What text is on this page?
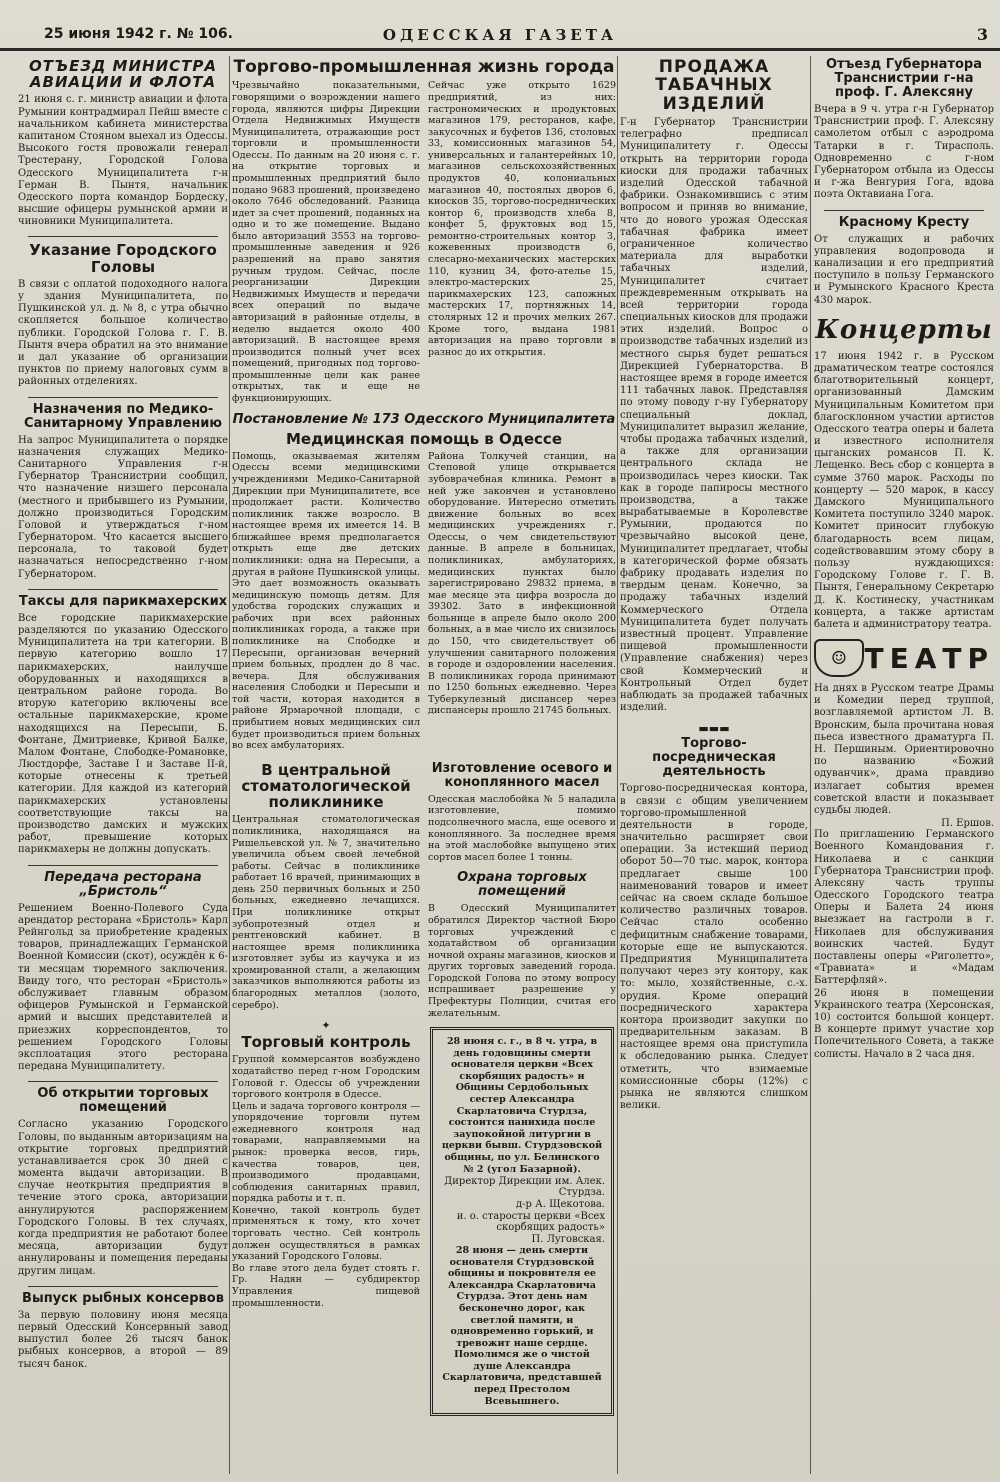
25 июня 1942 г. № 106.	ОДЕССКАЯ ГАЗЕТА	3
ОТЪЕЗД МИНИСТРА АВИАЦИИ И ФЛОТА

21 июня с. г. министр авиации и флота Румынии контрадмирал Пейш вместе с начальником кабинета министерства капитаном Стояном выехал из Одессы. Высокого гостя провожали генерал Трестерану, Городской Голова Одесского Муниципалитета г-н Герман В. Пынтя, начальник Одесского порта командор Бордеску, высшие офицеры румынской армии и чиновники Муниципалитета.

Указание Городского Головы

В связи с оплатой подоходного налога у здания Муниципалитета, по Пушкинской ул. д. № 8, с утра обычно скопляется большое количество публики. Городской Голова г. Г. В. Пынтя вчера обратил на это внимание и дал указание об организации пунктов по приему налоговых сумм в районных отделениях.

Назначения по Медико-Санитарному Управлению

На запрос Муниципалитета о порядке назначения служащих Медико-Санитарного Управления г-н Губернатор Транснистрии сообщил, что назначение низшего персонала (местного и прибывшего из Румынии, должно производиться Городским Головой и утверждаться г-ном Губернатором. Что касается высшего персонала, то таковой будет назначаться непосредственно г-ном Губернатором.

Таксы для парикмахерских

Все городские парикмахерские разделяются по указанию Одесского Муниципалитета на три категории. В первую категорию вошло 17 парикмахерских, наилучше оборудованных и находящихся в центральном районе города. Во вторую категорию включены все остальные парикмахерские, кроме находящихся на Пересыпи, Б. Фонтане, Дмитриевке, Кривой Балке, Малом Фонтане, Слободке-Романовке, Люстдорфе, Заставе I и Заставе II-й, которые отнесены к третьей категории. Для каждой из категорий парикмахерских установлены соответствующие таксы на производство дамских и мужских работ, превышение которых парикмахеры не должны допускать.

Передача ресторана „Бристоль“

Решением Военно-Полевого Суда арендатор ресторана «Бристоль» Карл Рейнгольд за приобретение краденых товаров, принадлежащих Германской Военной Комиссии (скот), осуждён к 6-ти месяцам тюремного заключения. Ввиду того, что ресторан «Бристоль» обслуживает главным образом офицеров Румынской и Германской армий и высших представителей и приезжих корреспондентов, то решением Городского Головы эксплоатация этого ресторана передана Муниципалитету.

Об открытии торговых помещений

Согласно указанию Городского Головы, по выданным авторизациям на открытие торговых предприятий устанавливается срок 30 дней с момента выдачи авторизации. В случае неоткрытия предприятия в течение этого срока, авторизации аннулируются распоряжением Городского Головы. В тех случаях, когда предприятия не работают более месяца, авторизации будут аннулированы и помещения переданы другим лицам.

Выпуск рыбных консервов

За первую половину июня месяца первый Одесский Консервный завод выпустил более 26 тысяч банок рыбных консервов, а второй — 89 тысяч банок.

Торгово-промышленная жизнь города

Чрезвычайно показательными, говорящими о возрождении нашего города, являются цифры Дирекции Отдела Недвижимых Имуществ Муниципалитета, отражающие рост торговли и промышленности Одессы. По данным на 20 июня с. г. на открытие торговых и промышленных предприятий было подано 9683 прошений, произведено около 7646 обследований. Разница идет за счет прошений, поданных на одно и то же помещение. Выдано было авторизаций 3553 на торгово-промышленные заведения и 926 разрешений на право занятия ручным трудом. Сейчас, после реорганизации Дирекции Недвижимых Имуществ и передачи всех операций по выдаче авторизаций в районные отделы, в неделю выдается около 400 авторизаций. В настоящее время производится полный учет всех помещений, пригодных под торгово-промышленные цели как ранее открытых, так и еще не функционирующих.

Сейчас уже открыто 1629 предприятий, из них: гастрономических и продуктовых магазинов 179, ресторанов, кафе, закусочных и буфетов 136, столовых 33, комиссионных магазинов 54, универсальных и галантерейных 10, магазинов сельскохозяйственных продуктов 40, колониальных магазинов 40, постоялых дворов 6, киосков 35, торгово-посреднических контор 6, производств хлеба 8, конфет 5, фруктовых вод 15, ремонтно-строительных контор 3, кожевенных производств 6, слесарно-механических мастерских 110, кузниц 34, фото-ателье 15, электро-мастерских 25, парикмахерских 123, сапожных мастерских 17, портняжных 14, столярных 12 и прочих мелких 267. Кроме того, выдана 1981 авторизация на право торговли в разнос до их открытия.

Постановление № 173 Одесского Муниципалитета
Медицинская помощь в Одессе

Помощь, оказываемая жителям Одессы всеми медицинскими учреждениями Медико-Санитарной Дирекции при Муниципалитете, все продолжает расти. Количество поликлиник также возросло. В настоящее время их имеется 14. В ближайшее время предполагается открыть еще две детских поликлиники: одна на Пересыпи, а другая в районе Пушкинской улицы. Это дает возможность оказывать медицинскую помощь детям. Для удобства городских служащих и рабочих при всех районных поликлиниках города, а также при поликлинике на Слободке и Пересыпи, организован вечерний прием больных, продлен до 8 час. вечера. Для обслуживания населения Слободки и Пересыпи и той части, которая находится в районе Ярмарочной площади, с прибытием новых медицинских сил будет производиться прием больных во всех амбулаториях.

Района Толкучей станции, на Степовой улице открывается зубоврачебная клиника. Ремонт в ней уже закончен и установлено оборудование. Интересно отметить движение больных во всех медицинских учреждениях г. Одессы, о чем свидетельствуют данные. В апреле в больницах, поликлиниках, амбулаториях, медицинских пунктах было зарегистрировано 29832 приема, в мае месяце эта цифра возросла до 39302. Зато в инфекционной больнице в апреле было около 200 больных, а в мае число их снизилось до 150, что свидетельствует об улучшении санитарного положения в городе и оздоровлении населения. В поликлиниках города принимают по 1250 больных ежедневно. Через Туберкулезный диспансер через диспансеры прошло 21745 больных.

В центральной стоматологической поликлинике

Центральная стоматологическая поликлиника, находящаяся на Ришельевской ул. № 7, значительно увеличила объем своей лечебной работы. Сейчас в поликлинике работает 16 врачей, принимающих в день 250 первичных больных и 250 больных, ежедневно лечащихся. При поликлинике открыт зубопротезный отдел и рентгеновский кабинет. В настоящее время поликлиника изготовляет зубы из каучука и из хромированной стали, а желающим заказчиков выполняются работы из благородных металлов (золото, серебро).

✦
Торговый контроль

Группой коммерсантов возбуждено ходатайство перед г-ном Городским Головой г. Одессы об учреждении торгового контроля в Одессе.

Цель и задача торгового контроля — упорядочение торговли путем ежедневного контроля над товарами, направляемыми на рынок: проверка весов, гирь, качества товаров, цен, производимого продавцами, соблюдения санитарных правил, порядка работы и т. п.

Конечно, такой контроль будет применяться к тому, кто хочет торговать честно. Сей контроль должен осуществляться в рамках указаний Городского Головы.

Во главе этого дела будет стоять г. Гр. Надян — субдиректор Управления пищевой промышленности.

Изготовление осевого и коноплянного масел

Одесская маслобойка № 5 наладила изготовление, помимо подсолнечного масла, еще осевого и коноплянного. За последнее время на этой маслобойке выпущено этих сортов масел более 1 тонны.

Охрана торговых помещений

В Одесский Муниципалитет обратился Директор частной Бюро торговых учреждений с ходатайством об организации ночной охраны магазинов, киосков и других торговых заведений города. Городской Голова по этому вопросу испрашивает разрешение у Префектуры Полиции, считая его желательным.

28 июня с. г., в 8 ч. утра, в день годовщины смерти основателя церкви «Всех скорбящих радость» и Общины Сердобольных сестер Александра Скарлатовича Стурдза, состоится панихида после заупокойной литургии в церкви бывш. Стурдзовской общины, по ул. Белинского № 2 (угол Базарной).

Директор Дирекции им. Алек. Стурдза.

д-р А. Щекотова.

и. о. старосты церкви «Всех скорбящих радость»

П. Луговская.

28 июня — день смерти основателя Стурдзовской общины и покровителя ее Александра Скарлатовича Стурдза. Этот день нам бесконечно дорог, как светлой памяти, и одновременно горький, и тревожит наше сердце. Помолимся же о чистой душе Александра Скарлатовича, представшей перед Престолом Всевышнего.

ПРОДАЖА ТАБАЧНЫХ ИЗДЕЛИЙ

Г-н Губернатор Транснистрии телеграфно предписал Муниципалитету г. Одессы открыть на территории города киоски для продажи табачных изделий Одесской табачной фабрики. Ознакомившись с этим вопросом и приняв во внимание, что до нового урожая Одесская табачная фабрика имеет ограниченное количество материала для выработки табачных изделий, Муниципалитет считает преждевременным открывать на всей территории города специальных киосков для продажи этих изделий. Вопрос о производстве табачных изделий из местного сырья будет решаться Дирекцией Губернаторства. В настоящее время в городе имеется 111 табачных лавок. Представляя по этому поводу г-ну Губернатору специальный доклад, Муниципалитет выразил желание, чтобы продажа табачных изделий, а также для организации центрального склада не производилась через киоски. Так как в городе папиросы местного производства, а также вырабатываемые в Королевстве Румынии, продаются по чрезвычайно высокой цене, Муниципалитет предлагает, чтобы в категорической форме обязать фабрику продавать изделия по твердым ценам. Конечно, за продажу табачных изделий Коммерческого Отдела Муниципалитета будет получать известный процент. Управление пищевой промышленности (Управление снабжения) через свой Коммерческий и Контрольный Отдел будет наблюдать за продажей табачных изделий.

▬▬▬
Торгово-посредническая деятельность

Торгово-посредническая контора, в связи с общим увеличением торгово-промышленной деятельности в городе, значительно расширяет свои операции. За истекший период оборот 50—70 тыс. марок, контора предлагает свыше 100 наименований товаров и имеет сейчас на своем складе большое количество различных товаров. Сейчас стало особенно дефицитным снабжение товарами, которые еще не выпускаются. Предприятия Муниципалитета получают через эту контору, как то: мыло, хозяйственные, с.-х. орудия. Кроме операций посреднического характера контора производит закупки по предварительным заказам. В настоящее время она приступила к обследованию рынка. Следует отметить, что взимаемые комиссионные сборы (12%) с рынка не являются слишком велики.

Отъезд Губернатора Транснистрии г-на проф. Г. Алексяну

Вчера в 9 ч. утра г-н Губернатор Транснистрии проф. Г. Алексяну самолетом отбыл с аэродрома Татарки в г. Тирасполь. Одновременно с г-ном Губернатором отбыла из Одессы и г-жа Венгурия Гога, вдова поэта Октавиана Гога.

Красному Кресту

От служащих и рабочих управления водопровода и канализации и его предприятий поступило в пользу Германского и Румынского Красного Креста 430 марок.

Концерты

17 июня 1942 г. в Русском драматическом театре состоялся благотворительный концерт, организованный Дамским Муниципальным Комитетом при благосклонном участии артистов Одесского театра оперы и балета и известного исполнителя цыганских романсов П. К. Лещенко. Весь сбор с концерта в сумме 3760 марок. Расходы по концерту — 520 марок, в кассу Дамского Муниципального Комитета поступило 3240 марок. Комитет приносит глубокую благодарность всем лицам, содействовавшим этому сбору в пользу нуждающихся: Городскому Голове г. Г. В. Пынтя, Генеральному Секретарю Д. К. Костинеску, участникам концерта, а также артистам балета и администратору театра.

☺ ТЕАТР

На днях в Русском театре Драмы и Комедии перед труппой, возглавляемой артистом Л. В. Вронским, была прочитана новая пьеса известного драматурга П. Н. Першиным. Ориентировочно по названию «Божий одуванчик», драма правдиво излагает события времен советской власти и показывает судьбы людей.

П. Ершов.

По приглашению Германского Военного Командования г. Николаева и с санкции Губернатора Транснистрии проф. Алексяну часть труппы Одесского Городского театра Оперы и Балета 24 июня выезжает на гастроли в г. Николаев для обслуживания воинских частей. Будут поставлены оперы «Риголетто», «Травиата» и «Мадам Баттерфляй».

26 июня в помещении Украинского театра (Херсонская, 10) состоится большой концерт. В концерте примут участие хор Попечительного Совета, а также солисты. Начало в 2 часа дня.
